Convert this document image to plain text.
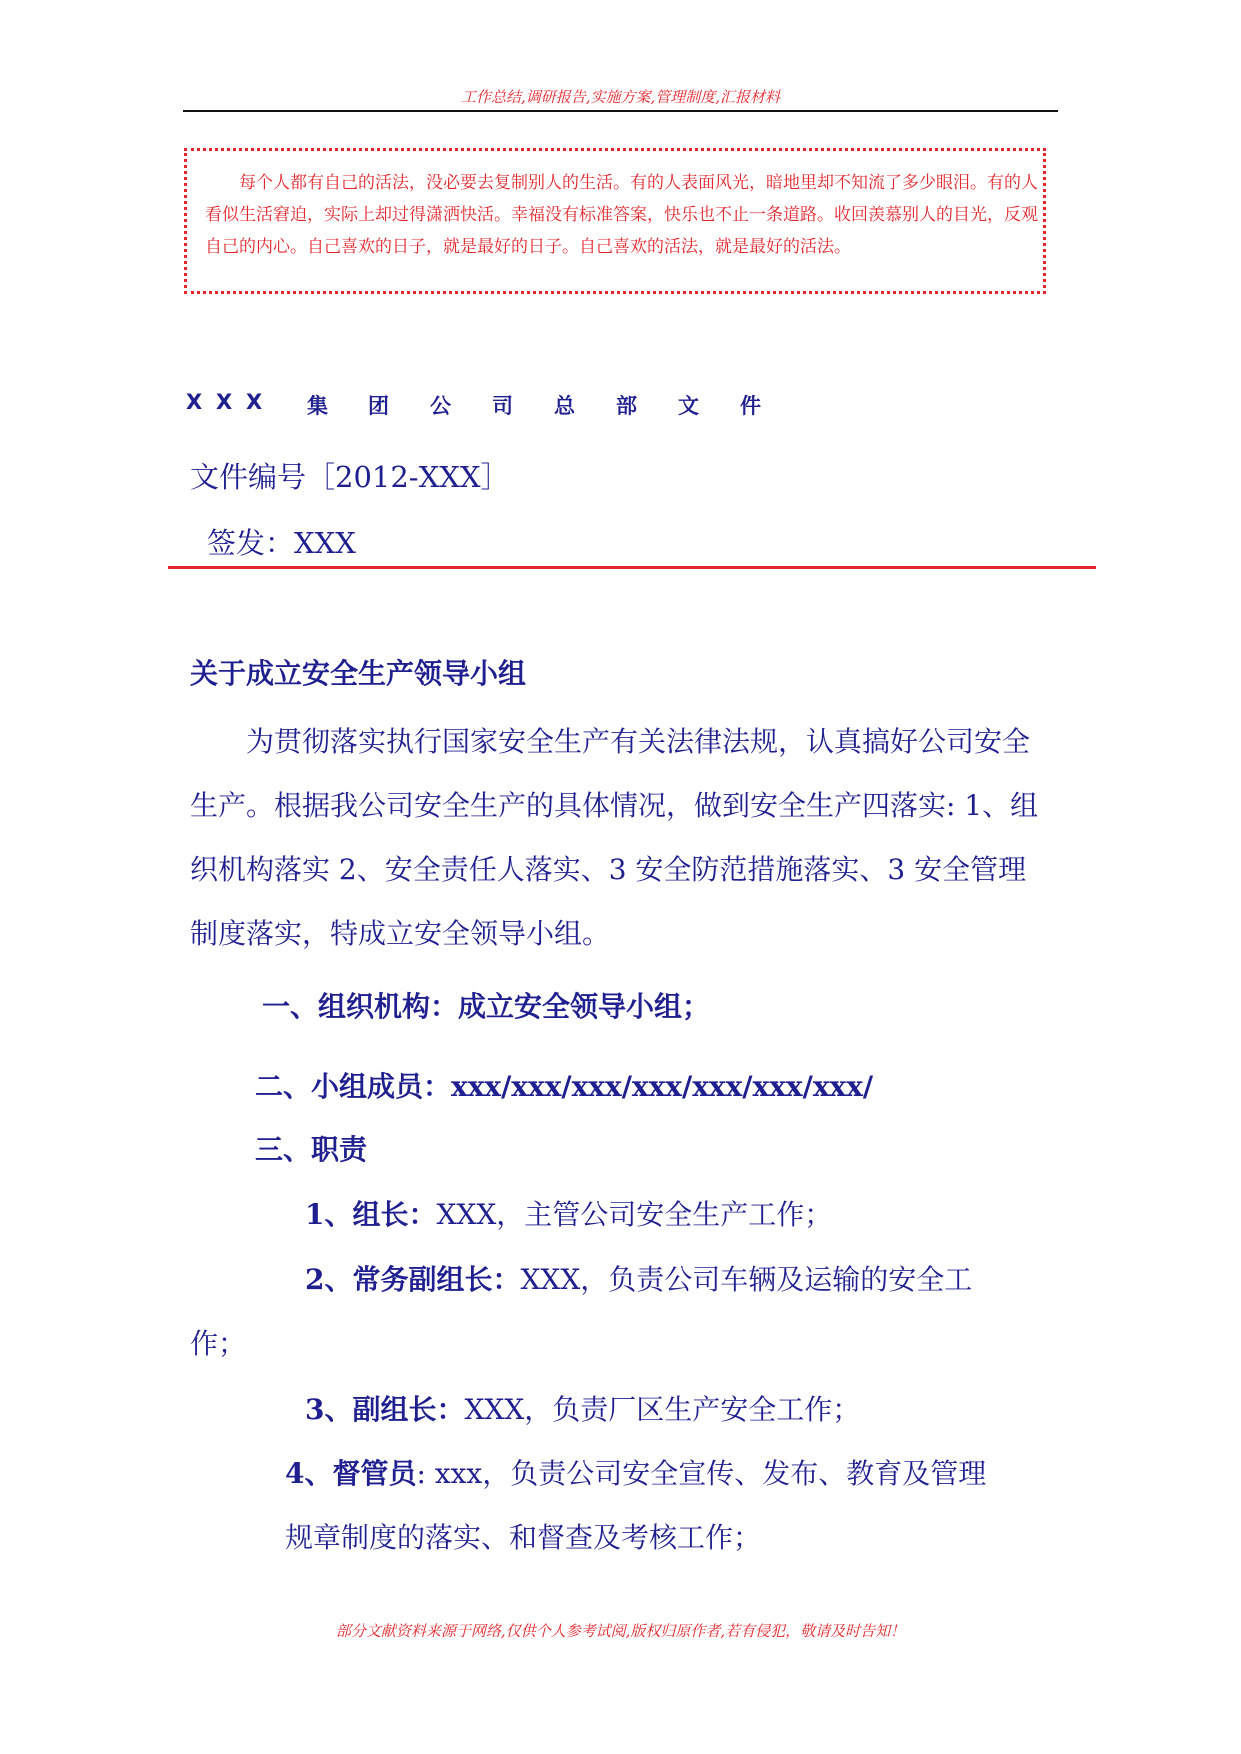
工作总结,调研报告,实施方案,管理制度,汇报材料
每个人都有自己的活法，没必要去复制别人的生活。有的人表面风光，暗地里却不知流了多少眼泪。有的人看似生活窘迫，实际上却过得潇洒快活。幸福没有标准答案，快乐也不止一条道路。收回羡慕别人的目光，反观自己的内心。自己喜欢的日子，就是最好的日子。自己喜欢的活法，就是最好的活法。
X X X 集 团 公 司 总 部 文 件
文件编号［2012-XXX］
签发：XXX
关于成立安全生产领导小组
为贯彻落实执行国家安全生产有关法律法规，认真搞好公司安全生产。根据我公司安全生产的具体情况，做到安全生产四落实: 1、组织机构落实 2、安全责任人落实、3 安全防范措施落实、3 安全管理制度落实，特成立安全领导小组。
一、组织机构：成立安全领导小组；
二、小组成员：xxx/xxx/xxx/xxx/xxx/xxx/xxx/
三、职责
1、组长：XXX，主管公司安全生产工作；
2、常务副组长：XXX，负责公司车辆及运输的安全工
作；
3、副组长：XXX，负责厂区生产安全工作；
4、督管员: xxx，负责公司安全宣传、发布、教育及管理
规章制度的落实、和督查及考核工作；
部分文献资料来源于网络,仅供个人参考试阅,版权归原作者,若有侵犯，敬请及时告知！
